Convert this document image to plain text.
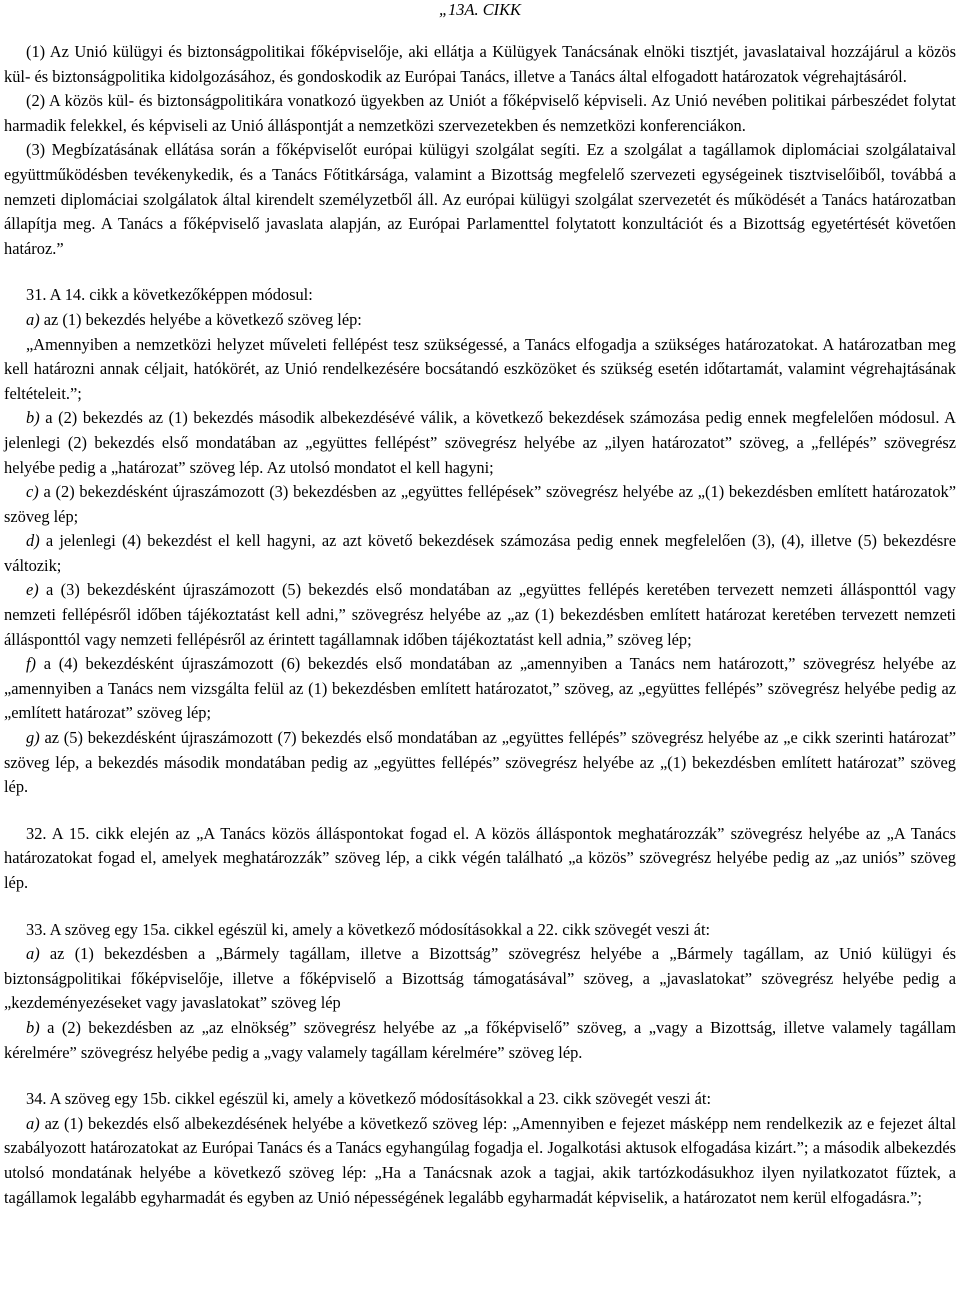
„13A. CIKK

(1) Az Unió külügyi és biztonságpolitikai főképviselője, aki ellátja a Külügyek Tanácsának elnöki tisztjét, javaslataival hozzájárul a közös kül- és biztonságpolitika kidolgozásához, és gondoskodik az Európai Tanács, illetve a Tanács által elfogadott határozatok végrehajtásáról.

(2) A közös kül- és biztonságpolitikára vonatkozó ügyekben az Uniót a főképviselő képviseli. Az Unió nevében politikai párbeszédet folytat harmadik felekkel, és képviseli az Unió álláspontját a nemzetközi szervezetekben és nemzetközi konferenciákon.

(3) Megbízatásának ellátása során a főképviselőt európai külügyi szolgálat segíti. Ez a szolgálat a tagállamok diplomáciai szolgálataival együttműködésben tevékenykedik, és a Tanács Főtitkársága, valamint a Bizottság megfelelő szervezeti egységeinek tisztviselőiből, továbbá a nemzeti diplomáciai szolgálatok által kirendelt személyzetből áll. Az európai külügyi szolgálat szervezetét és működését a Tanács határozatban állapítja meg. A Tanács a főképviselő javaslata alapján, az Európai Parlamenttel folytatott konzultációt és a Bizottság egyetértését követően határoz.”

31. A 14. cikk a következőképpen módosul:

a) az (1) bekezdés helyébe a következő szöveg lép:

„Amennyiben a nemzetközi helyzet műveleti fellépést tesz szükségessé, a Tanács elfogadja a szükséges határozatokat. A határozatban meg kell határozni annak céljait, hatókörét, az Unió rendelkezésére bocsátandó eszközöket és szükség esetén időtartamát, valamint végrehajtásának feltételeit.”;

b) a (2) bekezdés az (1) bekezdés második albekezdésévé válik, a következő bekezdések számozása pedig ennek megfelelően módosul. A jelenlegi (2) bekezdés első mondatában az „együttes fellépést” szövegrész helyébe az „ilyen határozatot” szöveg, a „fellépés” szövegrész helyébe pedig a „határozat” szöveg lép. Az utolsó mondatot el kell hagyni;

c) a (2) bekezdésként újraszámozott (3) bekezdésben az „együttes fellépések” szövegrész helyébe az „(1) bekezdésben említett határozatok” szöveg lép;

d) a jelenlegi (4) bekezdést el kell hagyni, az azt követő bekezdések számozása pedig ennek megfelelően (3), (4), illetve (5) bekezdésre változik;

e) a (3) bekezdésként újraszámozott (5) bekezdés első mondatában az „együttes fellépés keretében tervezett nemzeti állásponttól vagy nemzeti fellépésről időben tájékoztatást kell adni,” szövegrész helyébe az „az (1) bekezdésben említett határozat keretében tervezett nemzeti állásponttól vagy nemzeti fellépésről az érintett tagállamnak időben tájékoztatást kell adnia,” szöveg lép;

f) a (4) bekezdésként újraszámozott (6) bekezdés első mondatában az „amennyiben a Tanács nem határozott,” szövegrész helyébe az „amennyiben a Tanács nem vizsgálta felül az (1) bekezdésben említett határozatot,” szöveg, az „együttes fellépés” szövegrész helyébe pedig az „említett határozat” szöveg lép;

g) az (5) bekezdésként újraszámozott (7) bekezdés első mondatában az „együttes fellépés” szövegrész helyébe az „e cikk szerinti határozat” szöveg lép, a bekezdés második mondatában pedig az „együttes fellépés” szövegrész helyébe az „(1) bekezdésben említett határozat” szöveg lép.

32. A 15. cikk elején az „A Tanács közös álláspontokat fogad el. A közös álláspontok meghatározzák” szövegrész helyébe az „A Tanács határozatokat fogad el, amelyek meghatározzák” szöveg lép, a cikk végén található „a közös” szövegrész helyébe pedig az „az uniós” szöveg lép.

33. A szöveg egy 15a. cikkel egészül ki, amely a következő módosításokkal a 22. cikk szövegét veszi át:

a) az (1) bekezdésben a „Bármely tagállam, illetve a Bizottság” szövegrész helyébe a „Bármely tagállam, az Unió külügyi és biztonságpolitikai főképviselője, illetve a főképviselő a Bizottság támogatásával” szöveg, a „javaslatokat” szövegrész helyébe pedig a „kezdeményezéseket vagy javaslatokat” szöveg lép

b) a (2) bekezdésben az „az elnökség” szövegrész helyébe az „a főképviselő” szöveg, a „vagy a Bizottság, illetve valamely tagállam kérelmére” szövegrész helyébe pedig a „vagy valamely tagállam kérelmére” szöveg lép.

34. A szöveg egy 15b. cikkel egészül ki, amely a következő módosításokkal a 23. cikk szövegét veszi át:

a) az (1) bekezdés első albekezdésének helyébe a következő szöveg lép: „Amennyiben e fejezet másképp nem rendelkezik az e fejezet által szabályozott határozatokat az Európai Tanács és a Tanács egyhangúlag fogadja el. Jogalkotási aktusok elfogadása kizárt.”; a második albekezdés utolsó mondatának helyébe a következő szöveg lép: „Ha a Tanácsnak azok a tagjai, akik tartózkodásukhoz ilyen nyilatkozatot fűztek, a tagállamok legalább egyharmadát és egyben az Unió népességének legalább egyharmadát képviselik, a határozatot nem kerül elfogadásra.”;
